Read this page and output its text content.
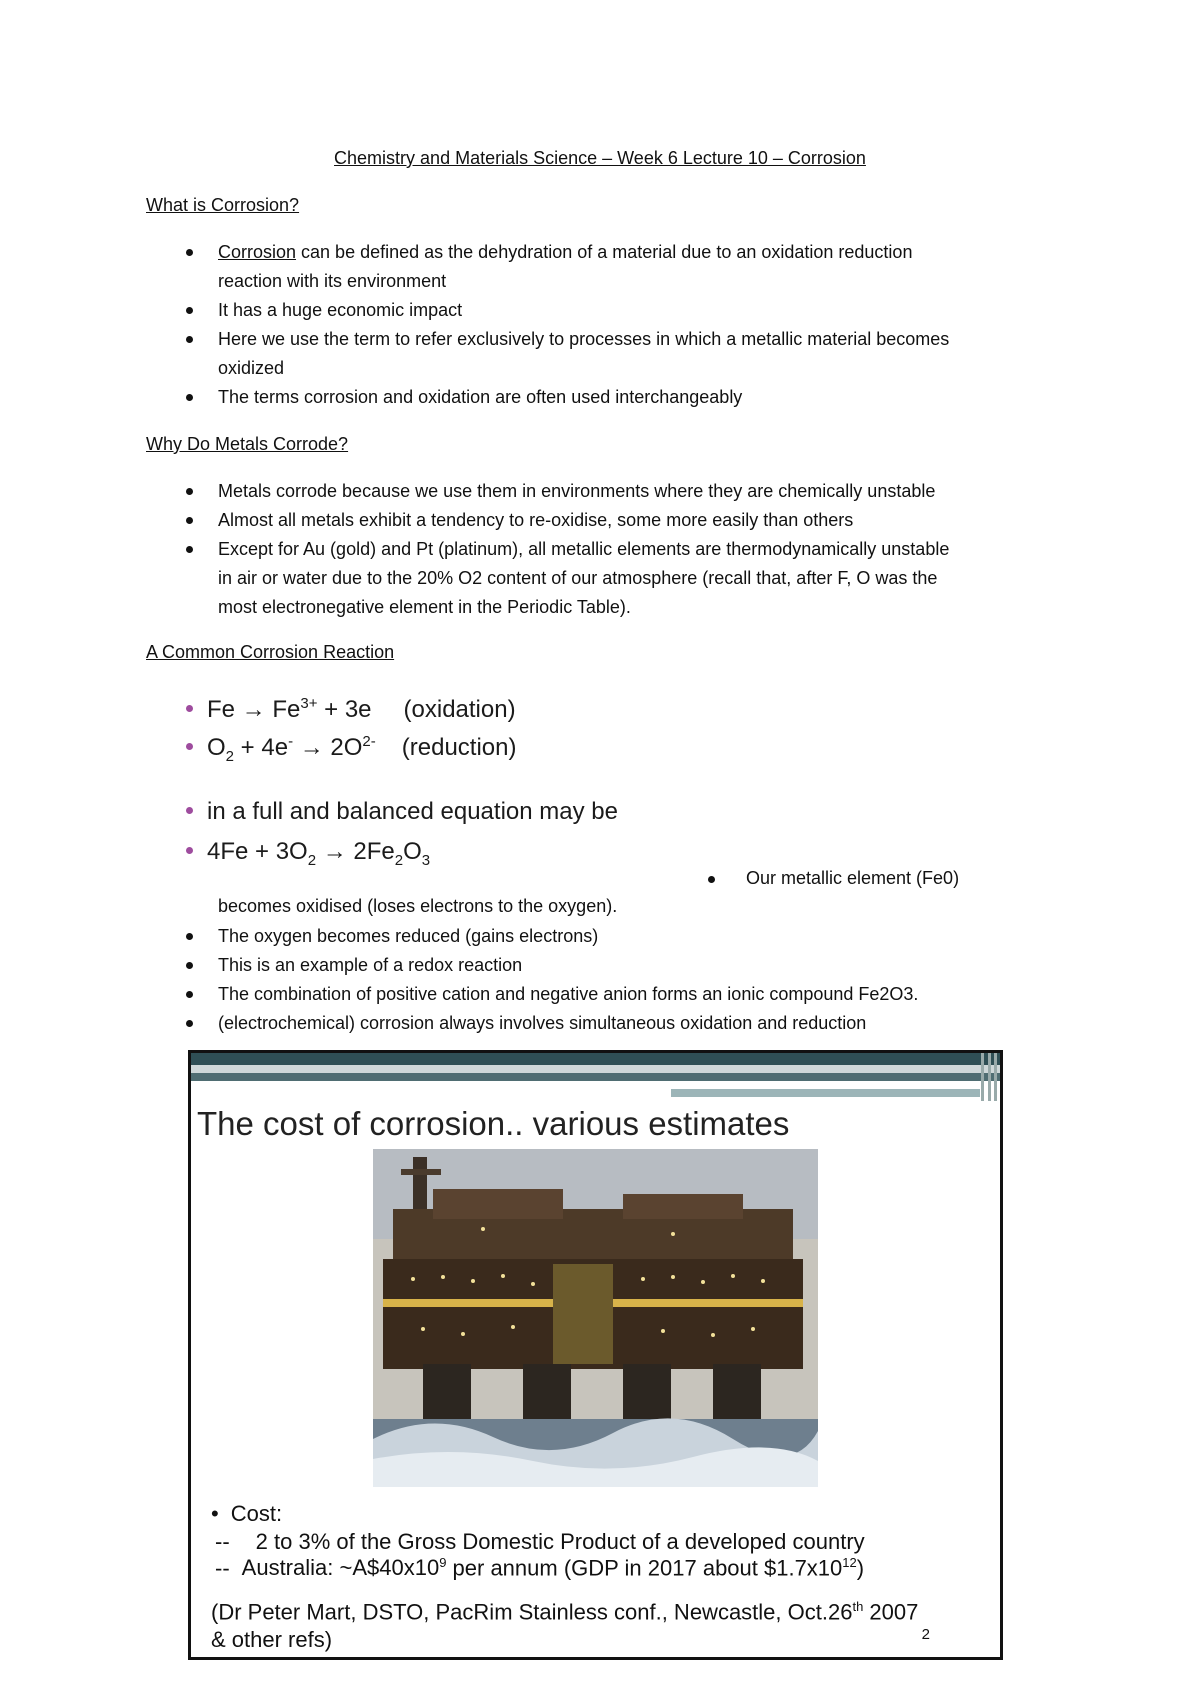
Chemistry and Materials Science – Week 6 Lecture 10 – Corrosion
What is Corrosion?
Corrosion can be defined as the dehydration of a material due to an oxidation reduction
reaction with its environment
It has a huge economic impact
Here we use the term to refer exclusively to processes in which a metallic material becomes
oxidized
The terms corrosion and oxidation are often used interchangeably
Why Do Metals Corrode?
Metals corrode because we use them in environments where they are chemically unstable
Almost all metals exhibit a tendency to re-oxidise, some more easily than others
Except for Au (gold) and Pt (platinum), all metallic elements are thermodynamically unstable
in air or water due to the 20% O2 content of our atmosphere (recall that, after F, O was the
most electronegative element in the Periodic Table).
A Common Corrosion Reaction
$Fe \to Fe^{3+} + 3e$ (oxidation)
$O_2 + 4e^- \to 2O^{2-}$ (reduction)
in a full and balanced equation may be
$4Fe + 3O_2 \to 2Fe_2O_3$
Our metallic element (Fe0)
becomes oxidised (loses electrons to the oxygen).
The oxygen becomes reduced (gains electrons)
This is an example of a redox reaction
The combination of positive cation and negative anion forms an ionic compound Fe2O3.
(electrochemical) corrosion always involves simultaneous oxidation and reduction
The cost of corrosion.. various estimates
• Cost:
-- 2 to 3% of the Gross Domestic Product of a developed country
-- Australia: $\sim A\$40x10^9$ per annum (GDP in 2017 about $\$1.7x10^{12}$)
(Dr Peter Mart, DSTO, PacRim Stainless conf., Newcastle, Oct.26th 2007
& other refs)	2
